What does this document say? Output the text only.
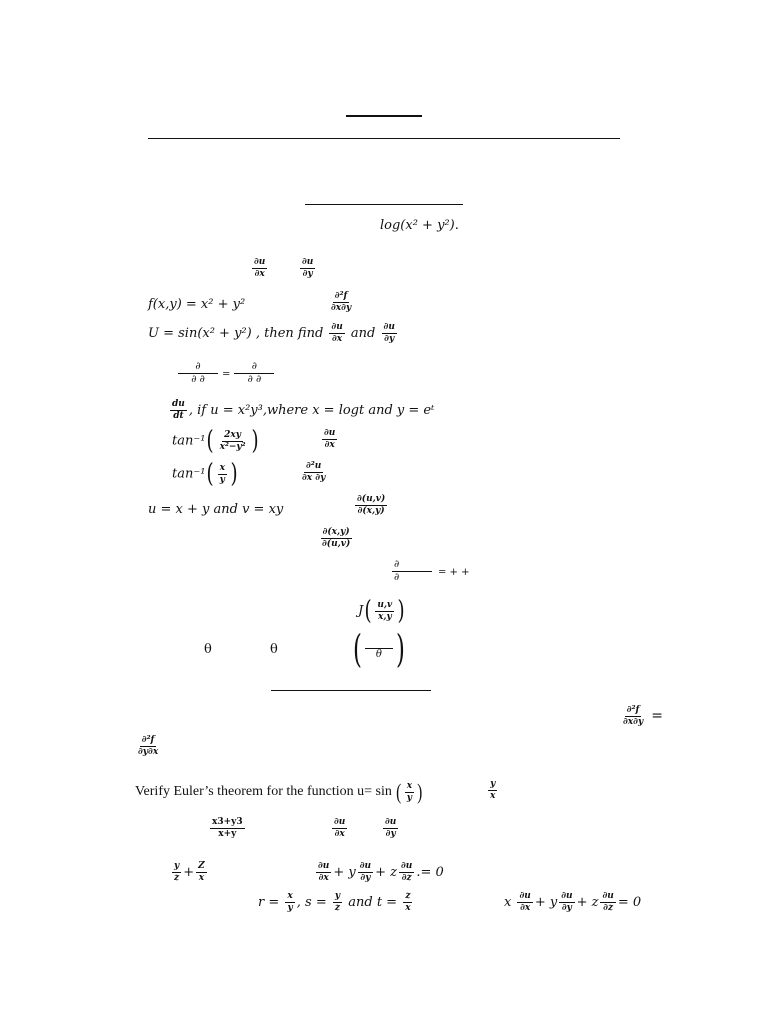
log(x² + y²).
$\frac{\partial u}{\partial x}$	$\frac{\partial u}{\partial y}$
f(x,y) = x² + y²	$\frac{\text{∂²f}}{\partial x\partial y}$
U = sin(x² + y²) , then find $\frac{\partial u}{\partial x}$ and $\frac{\partial u}{\partial y}$
$\frac{\partial}{\partial \partial} = \frac{\partial}{\partial \partial}$
$\frac{du}{dt}$ , if u = x²y³,where x = logt and y = eᵗ
$\tan^{-1}( \frac{2xy}{\text{x²−y²}}$ )	$\frac{\partial u}{\partial x}$
$\tan^{-1}( \frac{x}{y}$ )	$\frac{\text{∂²u}}{\partial x \partial y}$
u = x + y and v = xy	$\frac{\partial(u,v)}{\partial(x,y)}$
$\frac{\partial(x,y)}{\partial(u,v)}$
$\frac{\partial}{\partial}$ = + +
$J( \frac{u,v}{x,y}$ )
θ	θ ( θ )
$\frac{\text{∂²f}}{\partial x\partial y}$ =
$\frac{\text{∂²f}}{\partial y\partial x}$
Verify Euler’s theorem for the function u= sin ( $\frac{x}{y}$ )	$\frac{y}{x}$
$\frac{x3+y3}{x+y}$	$\frac{\partial u}{\partial x}$	$\frac{\partial u}{\partial y}$
$\frac{y}{z} + \frac{Z}{x}$	$\frac{\partial u}{\partial x} + y \frac{\partial u}{\partial y} + z \frac{\partial u}{\partial z}$ .= 0
$r = \frac{x}{y}$ , $s = \frac{y}{z}$ and $t = \frac{z}{x}$	x $\frac{\partial u}{\partial x} + y \frac{\partial u}{\partial y} + z \frac{\partial u}{\partial z} = 0$
